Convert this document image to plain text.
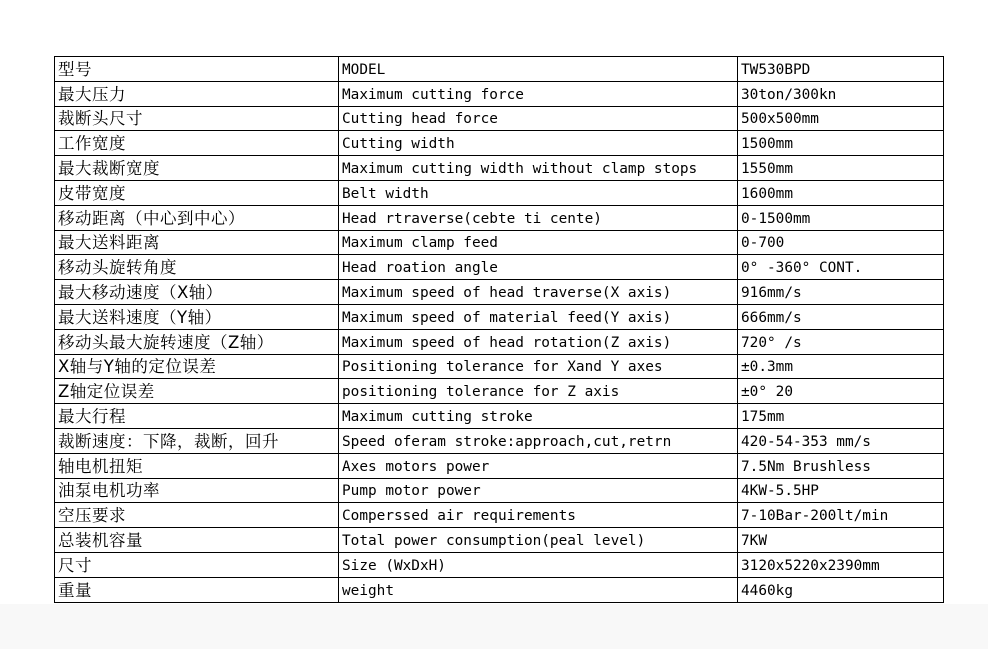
型号	MODEL	TW530BPD
最大压力	Maximum cutting force	30ton/300kn
裁断头尺寸	Cutting head force	500x500mm
工作宽度	Cutting width	1500mm
最大裁断宽度	Maximum cutting width without clamp stops	1550mm
皮带宽度	Belt width	1600mm
移动距离（中心到中心）	Head rtraverse(cebte ti cente)	0-1500mm
最大送料距离	Maximum clamp feed	0-700
移动头旋转角度	Head roation angle	0° -360° CONT.
最大移动速度（X轴）	Maximum speed of head traverse(X axis)	916mm/s
最大送料速度（Y轴）	Maximum speed of material feed(Y axis)	666mm/s
移动头最大旋转速度（Z轴）	Maximum speed of head rotation(Z axis)	720° /s
X轴与Y轴的定位误差	Positioning tolerance for Xand Y axes	±0.3mm
Z轴定位误差	positioning tolerance for Z axis	±0° 20
最大行程	Maximum cutting stroke	175mm
裁断速度：下降，裁断，回升	Speed oferam stroke:approach,cut,retrn	420-54-353 mm/s
轴电机扭矩	Axes motors power	7.5Nm Brushless
油泵电机功率	Pump motor power	4KW-5.5HP
空压要求	Comperssed air requirements	7-10Bar-200lt/min
总装机容量	Total power consumption(peal level)	7KW
尺寸	Size (WxDxH)	3120x5220x2390mm
重量	weight	4460kg
